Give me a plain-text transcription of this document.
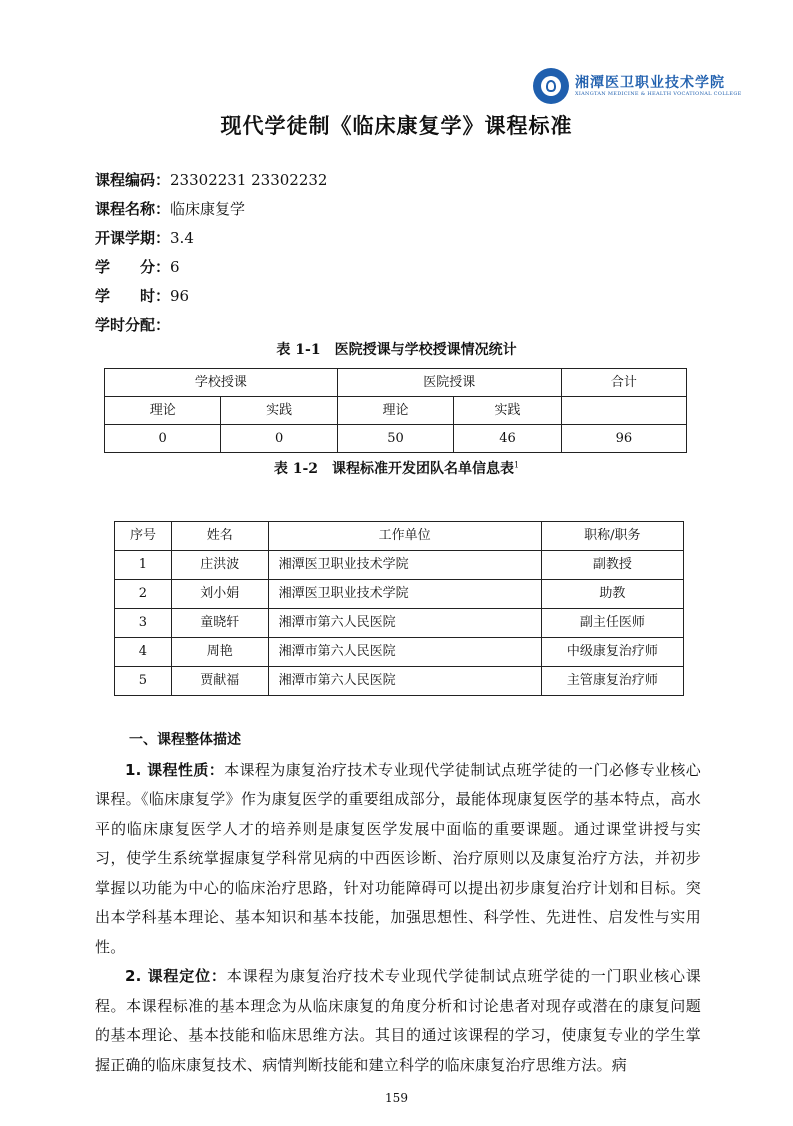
湘潭医卫职业技术学院
XIANGTAN MEDICINE & HEALTH VOCATIONAL COLLEGE
现代学徒制《临床康复学》课程标准
课程编码：23302231 23302232
课程名称：临床康复学
开课学期：3.4
学　　分：6
学　　时：96
学时分配：
表 1-1　医院授课与学校授课情况统计
学校授课		医院授课		合计
理论	实践	理论	实践	
0	0	50	46	96
表 1-2　课程标准开发团队名单信息表$^1$
序号	姓名	工作单位	职称/职务
1	庄洪波	湘潭医卫职业技术学院	副教授
2	刘小娟	湘潭医卫职业技术学院	助教
3	童晓轩	湘潭市第六人民医院	副主任医师
4	周艳	湘潭市第六人民医院	中级康复治疗师
5	贾献福	湘潭市第六人民医院	主管康复治疗师
一、课程整体描述

1. 课程性质：本课程为康复治疗技术专业现代学徒制试点班学徒的一门必修专业核心课程。《临床康复学》作为康复医学的重要组成部分，最能体现康复医学的基本特点，高水平的临床康复医学人才的培养则是康复医学发展中面临的重要课题。通过课堂讲授与实习，使学生系统掌握康复学科常见病的中西医诊断、治疗原则以及康复治疗方法，并初步掌握以功能为中心的临床治疗思路，针对功能障碍可以提出初步康复治疗计划和目标。突出本学科基本理论、基本知识和基本技能，加强思想性、科学性、先进性、启发性与实用性。

2. 课程定位：本课程为康复治疗技术专业现代学徒制试点班学徒的一门职业核心课程。本课程标准的基本理念为从临床康复的角度分析和讨论患者对现存或潜在的康复问题的基本理论、基本技能和临床思维方法。其目的通过该课程的学习，使康复专业的学生掌握正确的临床康复技术、病情判断技能和建立科学的临床康复治疗思维方法。病

159
